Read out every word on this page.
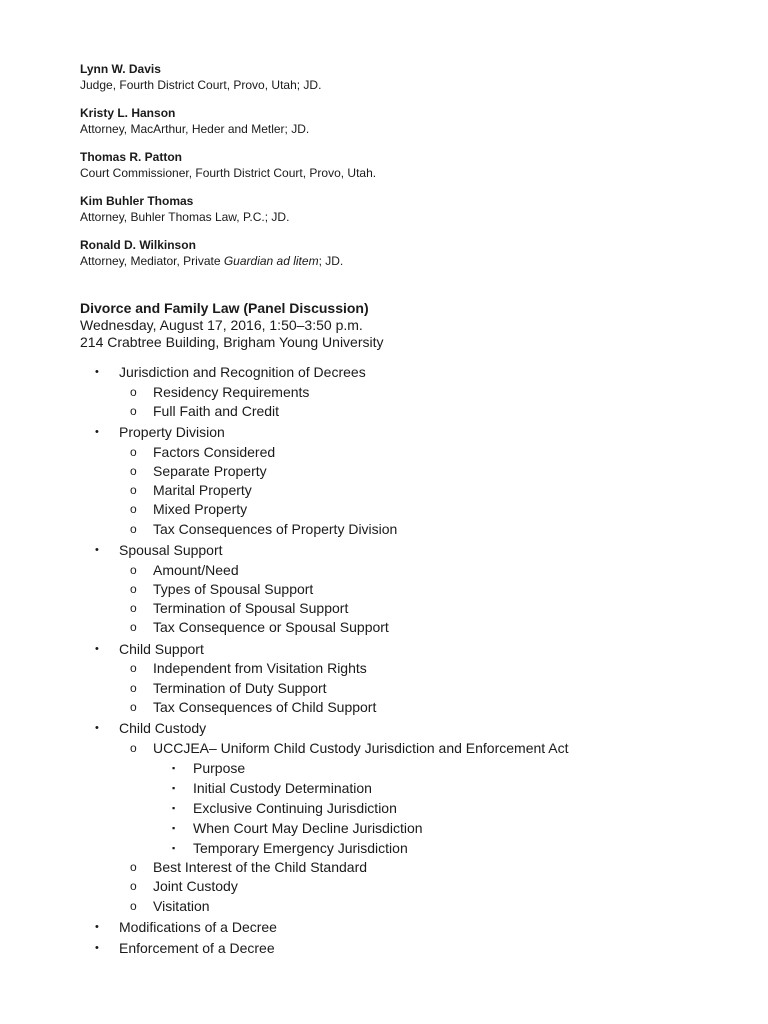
Lynn W. Davis
Judge, Fourth District Court, Provo, Utah; JD.
Kristy L. Hanson
Attorney, MacArthur, Heder and Metler; JD.
Thomas R. Patton
Court Commissioner, Fourth District Court, Provo, Utah.
Kim Buhler Thomas
Attorney, Buhler Thomas Law, P.C.; JD.
Ronald D. Wilkinson
Attorney, Mediator, Private Guardian ad litem; JD.
Divorce and Family Law (Panel Discussion)
Wednesday, August 17, 2016, 1:50–3:50 p.m.
214 Crabtree Building, Brigham Young University
• Jurisdiction and Recognition of Decrees
o Residency Requirements
o Full Faith and Credit
• Property Division
o Factors Considered
o Separate Property
o Marital Property
o Mixed Property
o Tax Consequences of Property Division
• Spousal Support
o Amount/Need
o Types of Spousal Support
o Termination of Spousal Support
o Tax Consequence or Spousal Support
• Child Support
o Independent from Visitation Rights
o Termination of Duty Support
o Tax Consequences of Child Support
• Child Custody
o UCCJEA– Uniform Child Custody Jurisdiction and Enforcement Act
▪ Purpose
▪ Initial Custody Determination
▪ Exclusive Continuing Jurisdiction
▪ When Court May Decline Jurisdiction
▪ Temporary Emergency Jurisdiction
o Best Interest of the Child Standard
o Joint Custody
o Visitation
• Modifications of a Decree
• Enforcement of a Decree
